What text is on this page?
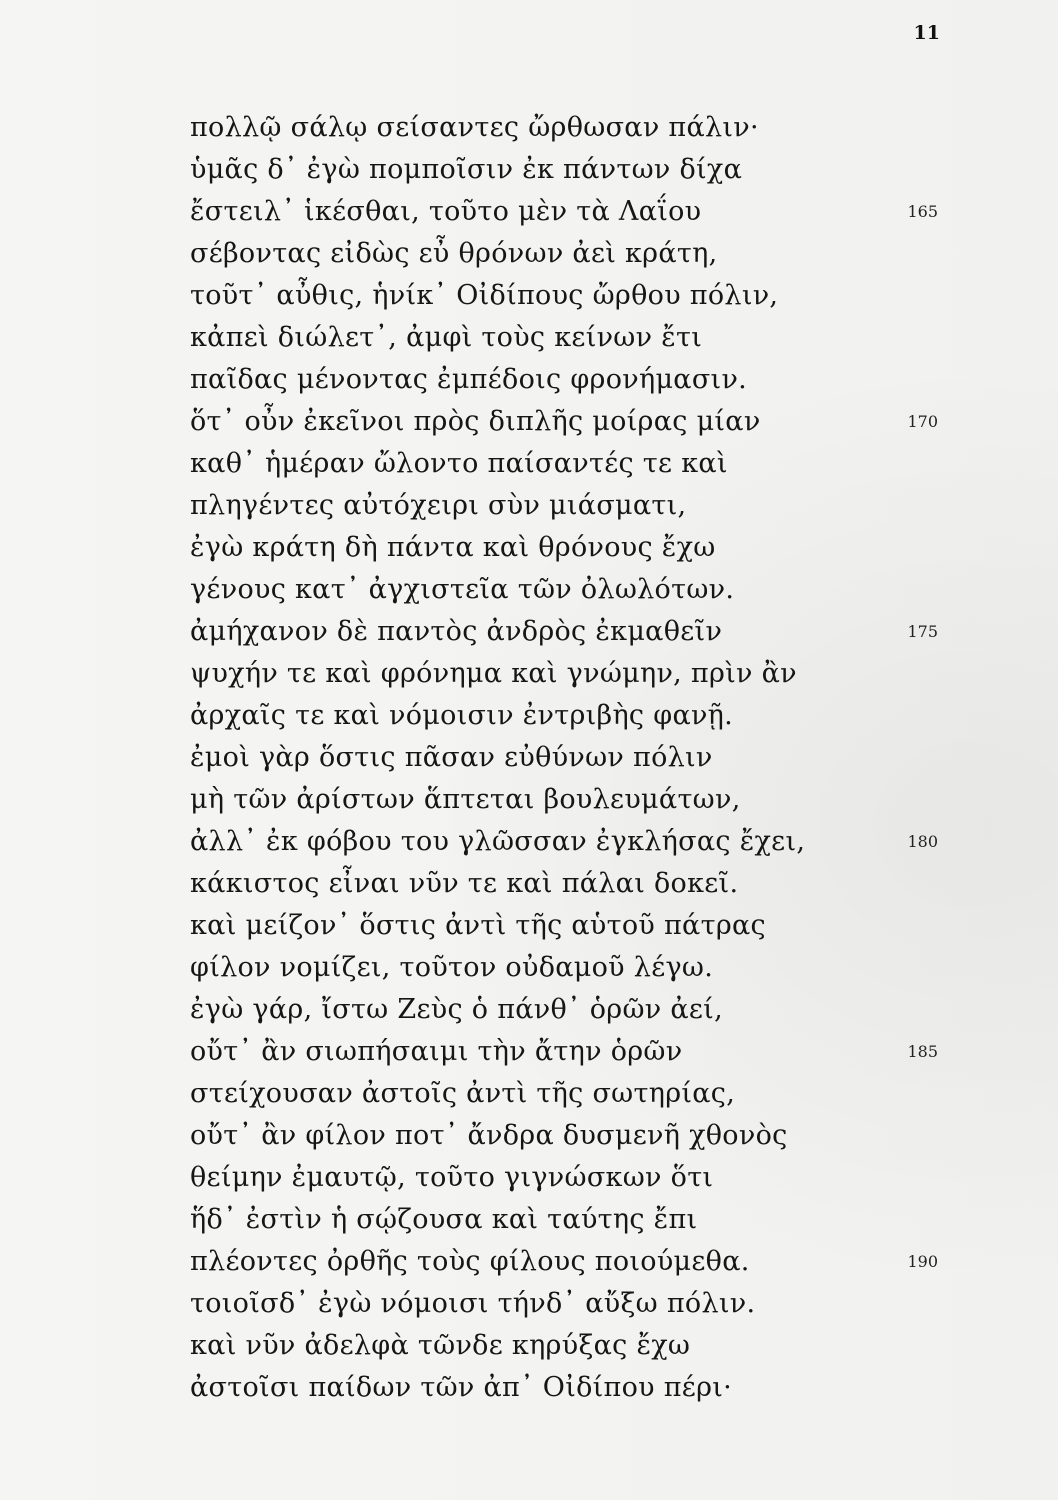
11
πολλῷ σάλῳ σείσαντες ὤρθωσαν πάλιν·
ὑμᾶς δ᾽ ἐγὼ πομποῖσιν ἐκ πάντων δίχα
ἔστειλ᾽ ἱκέσθαι, τοῦτο μὲν τὰ Λαΐου
σέβοντας εἰδὼς εὖ θρόνων ἀεὶ κράτη,
τοῦτ᾽ αὖθις, ἡνίκ᾽ Οἰδίπους ὤρθου πόλιν,
κἀπεὶ διώλετ᾽, ἀμφὶ τοὺς κείνων ἔτι
παῖδας μένοντας ἐμπέδοις φρονήμασιν.
ὅτ᾽ οὖν ἐκεῖνοι πρὸς διπλῆς μοίρας μίαν
καθ᾽ ἡμέραν ὤλοντο παίσαντές τε καὶ
πληγέντες αὐτόχειρι σὺν μιάσματι,
ἐγὼ κράτη δὴ πάντα καὶ θρόνους ἔχω
γένους κατ᾽ ἀγχιστεῖα τῶν ὀλωλότων.
ἀμήχανον δὲ παντὸς ἀνδρὸς ἐκμαθεῖν
ψυχήν τε καὶ φρόνημα καὶ γνώμην, πρὶν ἂν
ἀρχαῖς τε καὶ νόμοισιν ἐντριβὴς φανῇ.
ἐμοὶ γὰρ ὅστις πᾶσαν εὐθύνων πόλιν
μὴ τῶν ἀρίστων ἅπτεται βουλευμάτων,
ἀλλ᾽ ἐκ φόβου του γλῶσσαν ἐγκλήσας ἔχει,
κάκιστος εἶναι νῦν τε καὶ πάλαι δοκεῖ.
καὶ μείζον᾽ ὅστις ἀντὶ τῆς αὑτοῦ πάτρας
φίλον νομίζει, τοῦτον οὐδαμοῦ λέγω.
ἐγὼ γάρ, ἴστω Ζεὺς ὁ πάνθ᾽ ὁρῶν ἀεί,
οὔτ᾽ ἂν σιωπήσαιμι τὴν ἄτην ὁρῶν
στείχουσαν ἀστοῖς ἀντὶ τῆς σωτηρίας,
οὔτ᾽ ἂν φίλον ποτ᾽ ἄνδρα δυσμενῆ χθονὸς
θείμην ἐμαυτῷ, τοῦτο γιγνώσκων ὅτι
ἥδ᾽ ἐστὶν ἡ σῴζουσα καὶ ταύτης ἔπι
πλέοντες ὀρθῆς τοὺς φίλους ποιούμεθα.
τοιοῖσδ᾽ ἐγὼ νόμοισι τήνδ᾽ αὔξω πόλιν.
καὶ νῦν ἀδελφὰ τῶνδε κηρύξας ἔχω
ἀστοῖσι παίδων τῶν ἀπ᾽ Οἰδίπου πέρι·
165
170
175
180
185
190
